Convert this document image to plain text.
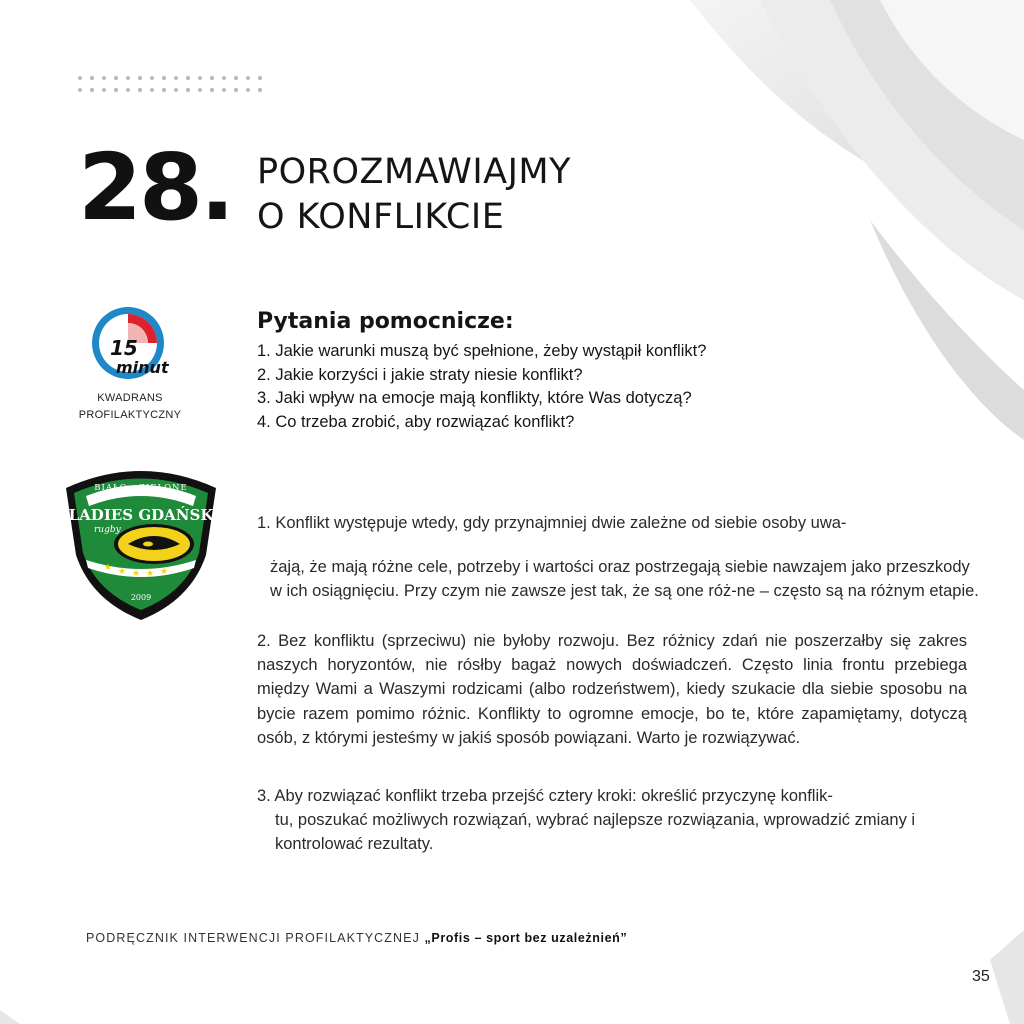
28. POROZMAWIAJMY
O KONFLIKCIE
15
minut
KWADRANS
PROFILAKTYCZNY
Pytania pomocnicze:
1. Jakie warunki muszą być spełnione, żeby wystąpił konflikt?
2. Jakie korzyści i jakie straty niesie konflikt?
3. Jaki wpływ na emocje mają konflikty, które Was dotyczą?
4. Co trzeba zrobić, aby rozwiązać konflikt?
BIAŁO - ZIELONE
LADIES GDAŃSK
rugby
★ ★ ★ ★ ★
2009
1. Konflikt występuje wtedy, gdy przynajmniej dwie zależne od siebie osoby uwa-
żają, że mają różne cele, potrzeby i wartości oraz postrzegają siebie nawzajem jako przeszkody w ich osiągnięciu. Przy czym nie zawsze jest tak, że są one róż-ne – często są na różnym etapie.
2. Bez konfliktu (sprzeciwu) nie byłoby rozwoju. Bez różnicy zdań nie poszerzałby się zakres naszych horyzontów, nie rósłby bagaż nowych doświadczeń. Często linia frontu przebiega między Wami a Waszymi rodzicami (albo rodzeństwem), kiedy szukacie dla siebie sposobu na bycie razem pomimo różnic. Konflikty to ogromne emocje, bo te, które zapamiętamy, dotyczą osób, z którymi jesteśmy w jakiś sposób powiązani. Warto je rozwiązywać.
3. Aby rozwiązać konflikt trzeba przejść cztery kroki: określić przyczynę konflik-
tu, poszukać możliwych rozwiązań, wybrać najlepsze rozwiązania, wprowadzić zmiany i kontrolować rezultaty.
PODRĘCZNIK INTERWENCJI PROFILAKTYCZNEJ „Profis – sport bez uzależnień”
35
